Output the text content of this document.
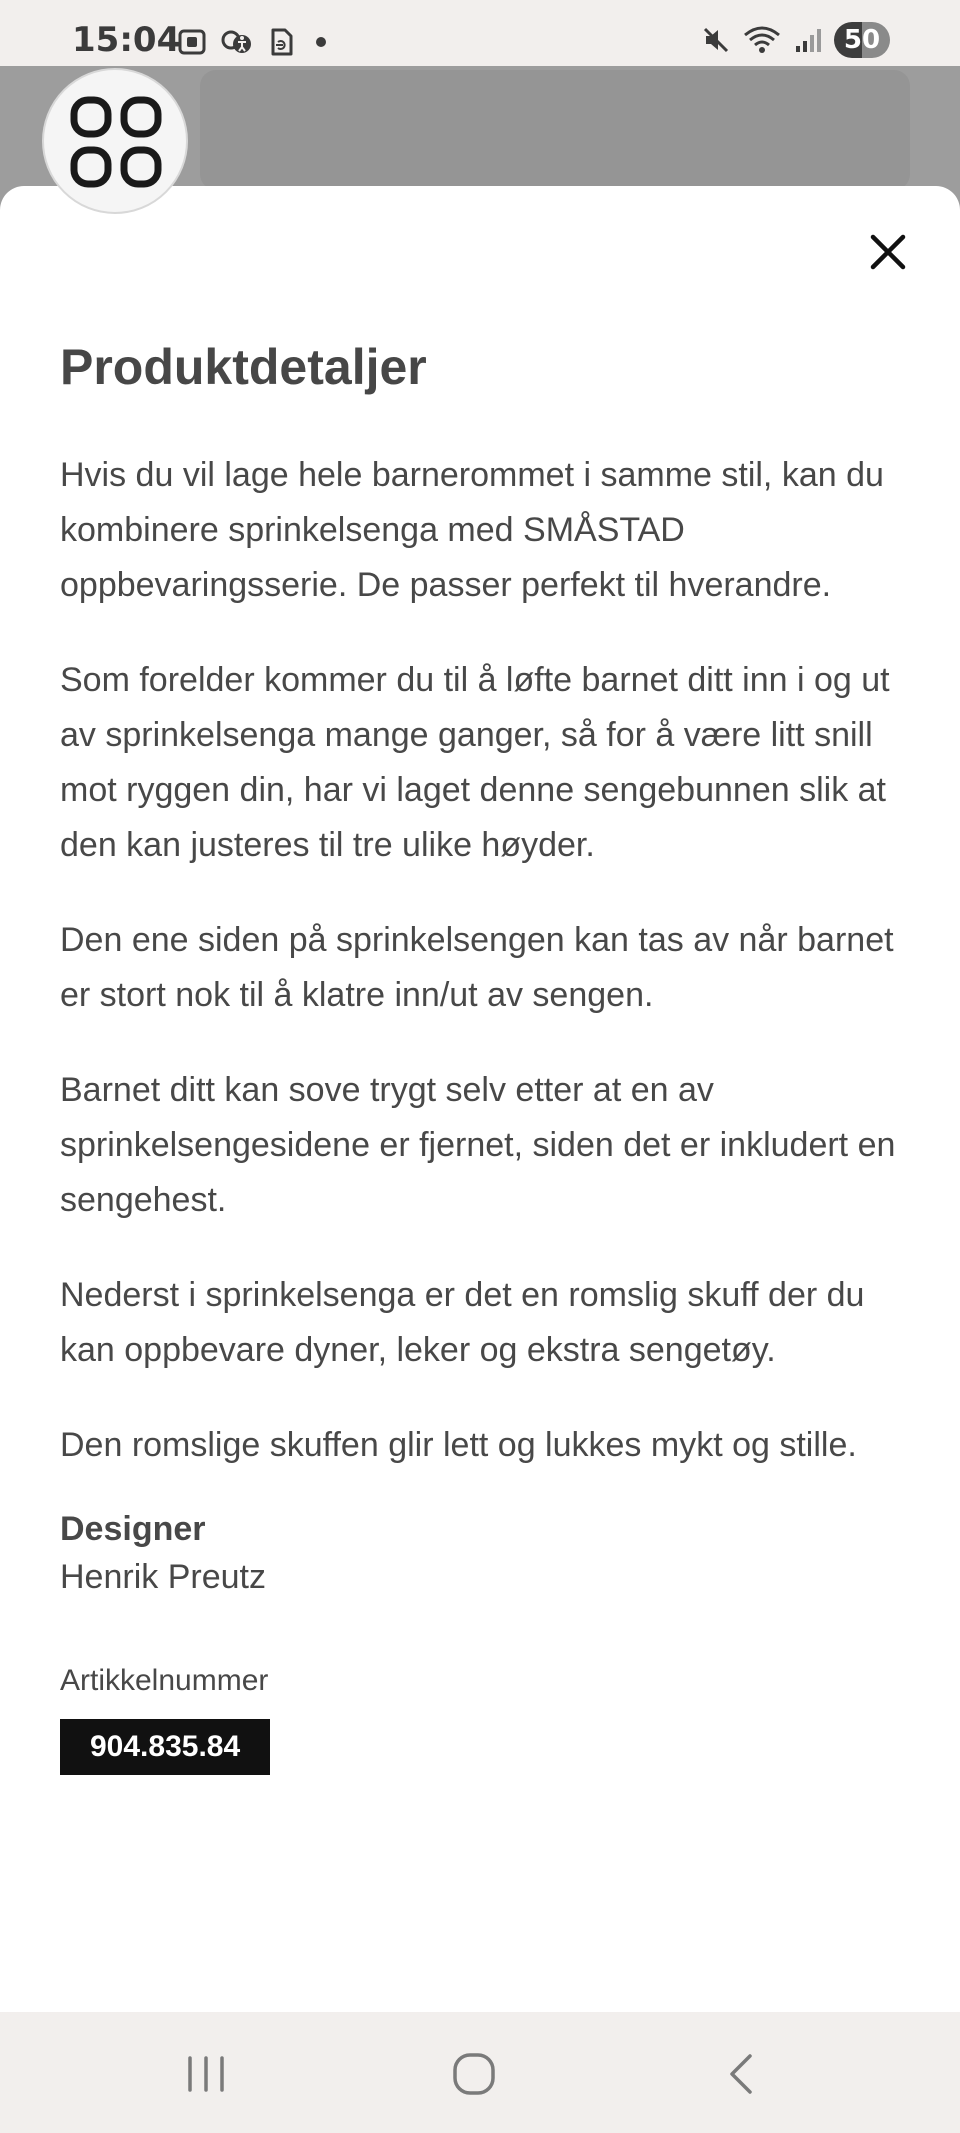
15:04	50
Produktdetaljer

Hvis du vil lage hele barnerommet i samme stil, kan du kombinere sprinkelsenga med SMÅSTAD oppbevaringsserie. De passer perfekt til hverandre.

Som forelder kommer du til å løfte barnet ditt inn i og ut av sprinkelsenga mange ganger, så for å være litt snill mot ryggen din, har vi laget denne sengebunnen slik at den kan justeres til tre ulike høyder.

Den ene siden på sprinkelsengen kan tas av når barnet er stort nok til å klatre inn/ut av sengen.

Barnet ditt kan sove trygt selv etter at en av sprinkelsengesidene er fjernet, siden det er inkludert en sengehest.

Nederst i sprinkelsenga er det en romslig skuff der du kan oppbevare dyner, leker og ekstra sengetøy.

Den romslige skuffen glir lett og lukkes mykt og stille.

Designer

Henrik Preutz

Artikkelnummer

904.835.84
